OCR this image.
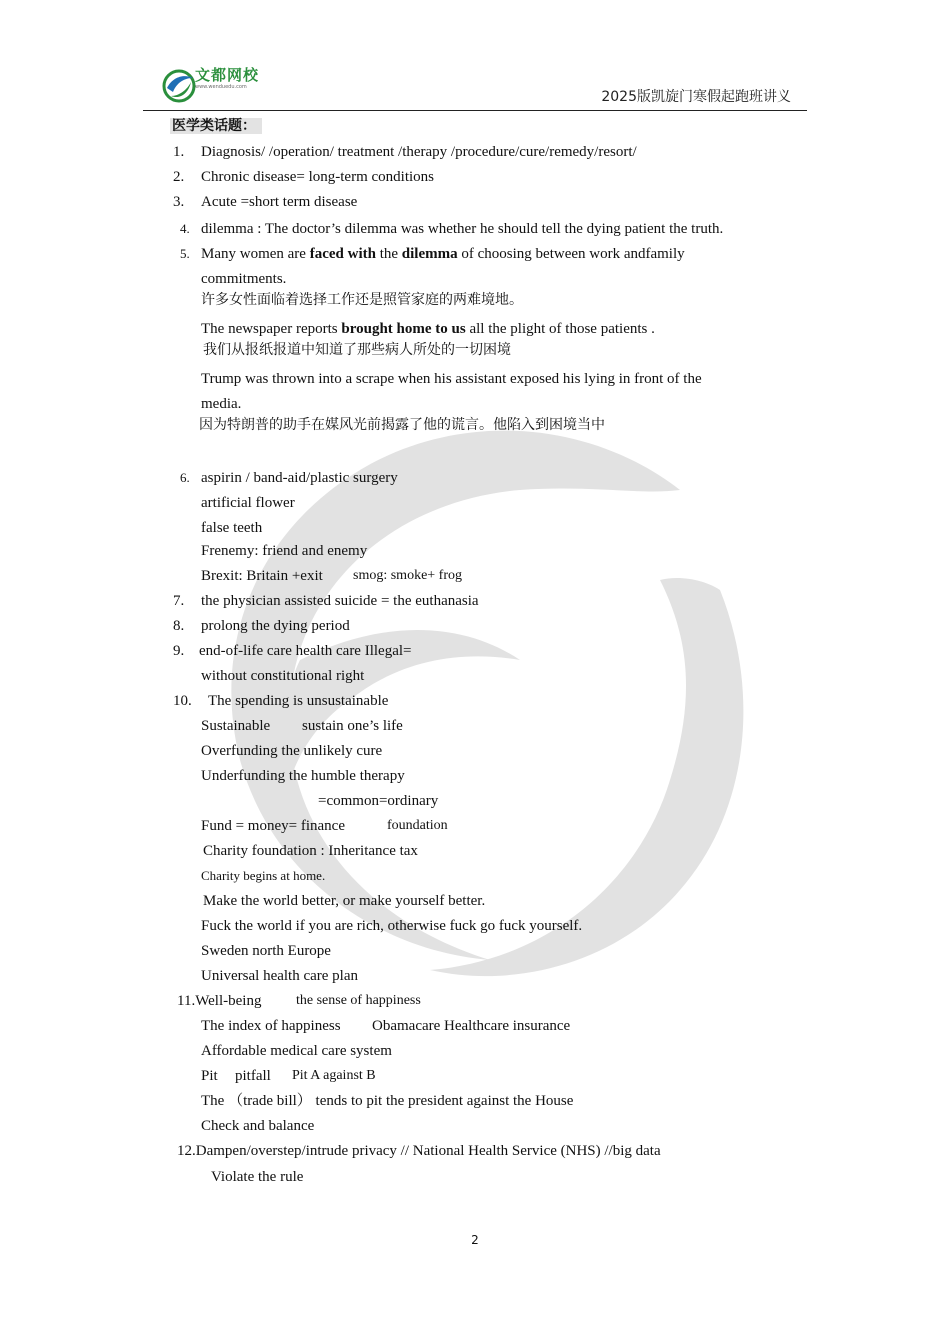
文都网校
www.wenduedu.com
2025版凯旋门寒假起跑班讲义
医学类话题：
1. Diagnosis/ /operation/ treatment /therapy /procedure/cure/remedy/resort/
2. Chronic disease= long-term conditions
3. Acute =short term disease
4. dilemma : The doctor’s dilemma was whether he should tell the dying patient the truth.
5. Many women are faced with the dilemma of choosing between work andfamily
commitments.
许多女性面临着选择工作还是照管家庭的两难境地。
The newspaper reports brought home to us all the plight of those patients .
我们从报纸报道中知道了那些病人所处的一切困境
Trump was thrown into a scrape when his assistant exposed his lying in front of the
media.
因为特朗普的助手在媒风光前揭露了他的谎言。他陷入到困境当中
6. aspirin / band-aid/plastic surgery
artificial flower
false teeth
Frenemy: friend and enemy
Brexit: Britain +exit smog: smoke+ frog
7. the physician assisted suicide = the euthanasia
8. prolong the dying period
9. end-of-life care health care Illegal=
without constitutional right
10. The spending is unsustainable
Sustainable sustain one’s life
Overfunding the unlikely cure
Underfunding the humble therapy
=common=ordinary
Fund = money= finance	foundation
Charity foundation : Inheritance tax
Charity begins at home.
Make the world better, or make yourself better.
Fuck the world if you are rich, otherwise fuck go fuck yourself.
Sweden north Europe
Universal health care plan
11.Well-being the sense of happiness
The index of happiness Obamacare Healthcare insurance
Affordable medical care system
Pit pitfall Pit A against B
The （trade bill） tends to pit the president against the House
Check and balance
12.Dampen/overstep/intrude privacy // National Health Service (NHS) //big data
Violate the rule
2
